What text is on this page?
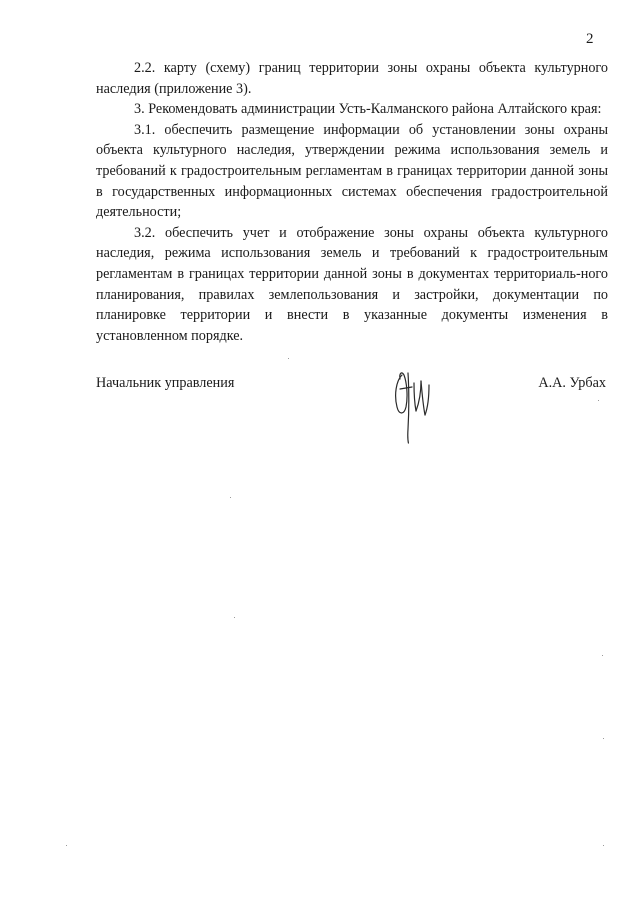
2

2.2. карту (схему) границ территории зоны охраны объекта культурного наследия (приложение 3).

3. Рекомендовать администрации Усть-Калманского района Алтайского края:

3.1. обеспечить размещение информации об установлении зоны охраны объекта культурного наследия, утверждении режима использования земель и требований к градостроительным регламентам в границах территории данной зоны в государственных информационных системах обеспечения градостроительной деятельности;

3.2. обеспечить учет и отображение зоны охраны объекта культурного наследия, режима использования земель и требований к градостроительным регламентам в границах территории данной зоны в документах территориаль-ного планирования, правилах землепользования и застройки, документации по планировке территории и внести в указанные документы изменения в установленном порядке.

Начальник управления	А.А. Урбах
